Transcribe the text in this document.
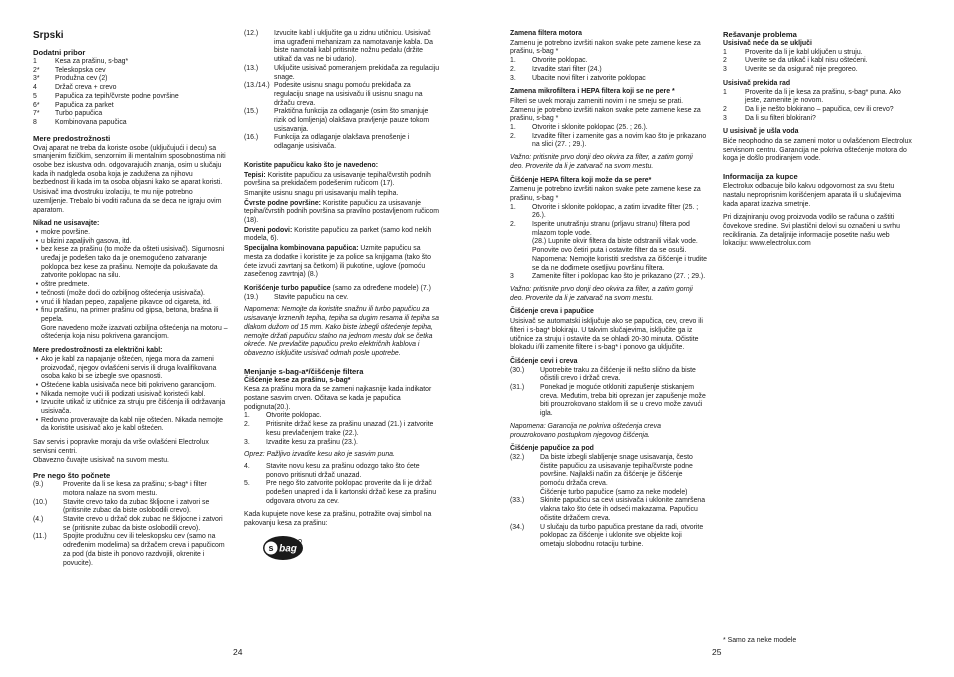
Srpski

Dodatni pribor

1	Kesa za prašinu, s-bag*
2*	Teleskopska cev
3*	Produžna cev (2)
4	Držač creva + crevo
5	Papučica za tepih/čvrste podne površine
6*	Papučica za parket
7*	Turbo papučica
8	Kombinovana papučica

Mere predostrožnosti

Ovaj aparat ne treba da koriste osobe (uključujući i decu) sa smanjenim fizičkim, senzornim ili mentalnim sposobnostima niti osobe bez iskustva odn. odgovarajućih znanja, osim u slučaju kada ih nadgleda osoba koja je zadužena za njihovu bezbednost ili kada im ta osoba objasni kako se aparat koristi.

Usisivač ima dvostruku izolaciju, te mu nije potrebno uzemljenje. Trebalo bi voditi računa da se deca ne igraju ovim aparatom.

Nikad ne usisavajte:

• mokre površine.
• u blizini zapaljivih gasova, itd.
• bez kese za prašinu (to može da ošteti usisivač). Sigurnosni uređaj je podešen tako da je onemogućeno zatvaranje poklopca bez kese za prašinu. Nemojte da pokušavate da zatvorite poklopac na silu.
• oštre predmete.
• tečnosti (može doći do ozbiljnog oštećenja usisivača).
• vruć ili hladan pepeo, zapaljene pikavce od cigareta, itd.
• finu prašinu, na primer prašinu od gipsa, betona, brašna ili pepela.
Gore navedeno može izazvati ozbiljna oštećenja na motoru – oštećenja koja nisu pokrivena garancijom.

Mere predostrožnosti za električni kabl:

• Ako je kabl za napajanje oštećen, njega mora da zameni proizvođač, njegov ovlašćeni servis ili druga kvalifikovana osoba kako bi se izbegle sve opasnosti.
• Oštećene kabla usisivača nece biti pokriveno garancijom.
• Nikada nemojte vući ili podizati usisivač koristeći kabl.
• Izvucite utikač iz utičnice za struju pre čišćenja ili održavanja usisivača.
• Redovno proveravajte da kabl nije oštećen. Nikada nemojte da koristite usisivač ako je kabl oštećen.

Sav servis i popravke moraju da vrše ovlašćeni Electrolux servisni centri.
Obavezno čuvajte usisivač na suvom mestu.

Pre nego što počnete

(9.)	Proverite da li se kesa za prašinu; s-bag* i filter motora nalaze na svom mestu.
(10.)	Stavite crevo tako da zubac škljocne i zatvori se (pritisnite zubac da biste oslobodili crevo).
(4.)	Stavite crevo u držač dok zubac ne škljocne i zatvori se (pritisnite zubac da biste oslobodili crevo).
(11.)	Spojite produžnu cev ili teleskopsku cev (samo na određenim modelima) sa držačem creva i papučicom za pod (da biste ih ponovo razdvojili, okrenite i povucite).
(12.)	Izvucite kabl i uključite ga u zidnu utičnicu. Usisivač ima ugrađeni mehanizam za namotavanje kabla. Da biste namotali kabl pritisnite nožnu pedalu (držite utikač da vas ne bi udario).
(13.)	Uključite usisivač pomeranjem prekidača za regulaciju snage.
(13./14.) Podesite usisnu snagu pomoću prekidača za regulaciju snage na usisivaču ili usisnu snagu na držaču creva.
(15.)	Praktična funkcija za odlaganje (osim što smanjuje rizik od lomljenja) olakšava pravljenje pauze tokom usisavanja.
(16.)	Funkcija za odlaganje olakšava prenošenje i odlaganje usisivača.

Koristite papučicu kako što je navedeno:

Tepisi: Koristite papučicu za usisavanje tepiha/čvrstih podnih površina sa prekidačem podešenim ručicom (17).

Smanjite usisnu snagu pri usisavanju malih tepiha.

Čvrste podne površine: Koristite papučicu za usisavanje tepiha/čvrstih podnih površina sa pravilno postavljenom ručicom (18).

Drveni podovi: Koristite papučicu za parket (samo kod nekih modela, 6).

Specijalna kombinovana papučica: Uzmite papučicu sa mesta za dodatke i koristite je za police sa knjigama (tako što ćete izvući zavrtanj sa četkom) ili pukotine, uglove (pomoću zasečenog zavrtnja) (8.)

Korišćenje turbo papučice (samo za određene modele) (7.)

(19.)	Stavite papučicu na cev.

Napomena: Nemojte da koristite snažnu ili turbo papučicu za usisavanje krznenih tepiha, tepiha sa dugim resama ili tepiha sa dlakom dužom od 15 mm. Kako biste izbegli oštećenje tepiha, nemojte držati papučicu stalno na jednom mestu dok se četka okreće. Ne prevlačite papučicu preko električnih kablova i obavezno isključite usisivač odmah posle upotrebe.

Menjanje s-bag-a*/čišćenje filtera

Čišćenje kese za prašinu, s-bag*

Kesa za prašinu mora da se zameni najkasnije kada indikator postane sasvim crven. Očitava se kada je papučica podignuta(20.).

1.	Otvorite poklopac.
2.	Pritisnite držač kese za prašinu unazad (21.) i zatvorite kesu prevlačenjem trake (22.).
3.	Izvadite kesu za prašinu (23.).

Oprez: Pažljivo izvadite kesu ako je sasvim puna.

4.	Stavite novu kesu za prašinu odozgo tako što ćete ponovo pritisnuti držač unazad.
5.	Pre nego što zatvorite poklopac proverite da li je držač podešen unapred i da li kartonski držač kese za prašinu odgovara otvoru za cev.

Kada kupujete nove kese za prašinu, potražite ovaj simbol na pakovanju kesa za prašinu:

s bag

Zamena filtera motora

Zamenu je potrebno izvršiti nakon svake pete zamene kese za prašinu, s-bag *

1.	Otvorite poklopac.
2.	Izvadite stari filter (24.)
3.	Ubacite novi filter i zatvorite poklopac

Zamena mikrofiltera i HEPA filtera koji se ne pere *

Filteri se uvek moraju zameniti novim i ne smeju se prati. Zamenu je potrebno izvršiti nakon svake pete zamene kese za prašinu, s-bag *

1.	Otvorite i sklonite poklopac (25. ; 26.).
2.	Izvadite filter i zamenite gas a novim kao što je prikazano na slici (27. ; 29.).

Važno: pritisnite prvo donji deo okvira za filter, a zatim gornji deo. Proverite da li je zatvarač na svom mestu.

Čišćenje HEPA filtera koji može da se pere*

Zamenu je potrebno izvršiti nakon svake pete zamene kese za prašinu, s-bag *

1.	Otvorite i sklonite poklopac, a zatim izvadite filter (25. ; 26.).
2.	Isperite unutrašnju stranu (prljavu stranu) filtera pod mlazom tople vode.
(28.) Lupnite okvir filtera da biste odstranili višak vode. Ponovite ovo četiri puta i ostavite filter da se osuši.
Napomena: Nemojte koristiti sredstva za čišćenje i trudite se da ne dođirnete osetljivu površinu filtera.
3	Zamenite filter i poklopac kao što je prikazano (27. ; 29.).

Važno: pritisnite prvo donji deo okvira za filter, a zatim gornji deo. Proverite da li je zatvarač na svom mestu.

Čišćenje creva i papučice

Usisivač se automatski isključuje ako se papučica, cev, crevo ili filteri i s-bag* blokiraju. U takvim slučajevima, isključite ga iz utičnice za struju i ostavite da se ohladi 20-30 minuta. Očistite blokadu i/ili zamenite filtere i s-bag* i ponovo ga uključite.

Čišćenje cevi i creva

(30.)	Upotrebite traku za čišćenje ili nešto slično da biste očistili crevo i držač creva.
(31.)	Ponekad je moguće otkloniti zapušenje stiskanjem creva. Međutim, treba biti oprezan jer zapušenje može biti prouzrokovano staklom ili se u crevo može zavući igla.

Napomena: Garancija ne pokriva oštećenja creva prouzrokovano postupkom njegovog čišćenja.

Čišćenje papučice za pod

(32.)	Da biste izbegli slabljenje snage usisavanja, često čistite papučicu za usisavanje tepiha/čvrste podne površine. Najlakši način za čišćenje je čišćenje pomoću držača creva.
Čišćenje turbo papučice (samo za neke modele)
(33.)	Skinite papučicu sa cevi usisivača i uklonite zamršena vlakna tako što ćete ih odseći makazama. Papučicu očistite držačem creva.
(34.)	U slučaju da turbo papučica prestane da radi, otvorite poklopac za čišćenje i uklonite sve objekte koji ometaju slobodnu rotaciju turbine.

Rešavanje problema

Usisivač neće da se uključi

1	Proverite da li je kabl uključen u struju.
2	Uverite se da utikač i kabl nisu oštećeni.
3	Uverite se da osigurač nije pregoreo.

Usisivač prekida rad

1	Proverite da li je kesa za prašinu, s-bag* puna. Ako jeste, zamenite je novom.
2	Da li je nešto blokirano – papučica, cev ili crevo?
3	Da li su filteri blokirani?

U usisivač je ušla voda

Biće neophodno da se zameni motor u ovlašćenom Electrolux servisnom centru. Garancija ne pokriva oštećenje motora do koga je došlo prodiranjem vode.

Informacija za kupce

Electrolux odbacuje bilo kakvu odgovornost za svu štetu nastalu neproprisnim korišćenjem aparata ili u slučajevima kada aparat izaziva smetnje.

Pri dizajniranju ovog proizvoda vodilo se računa o zaštiti čovekove sredine. Svi plastični delovi su označeni u svrhu reciklirania. Za detaljnije informacije posetite našu web lokaciju: www.electrolux.com

* Samo za neke modele
24	25
